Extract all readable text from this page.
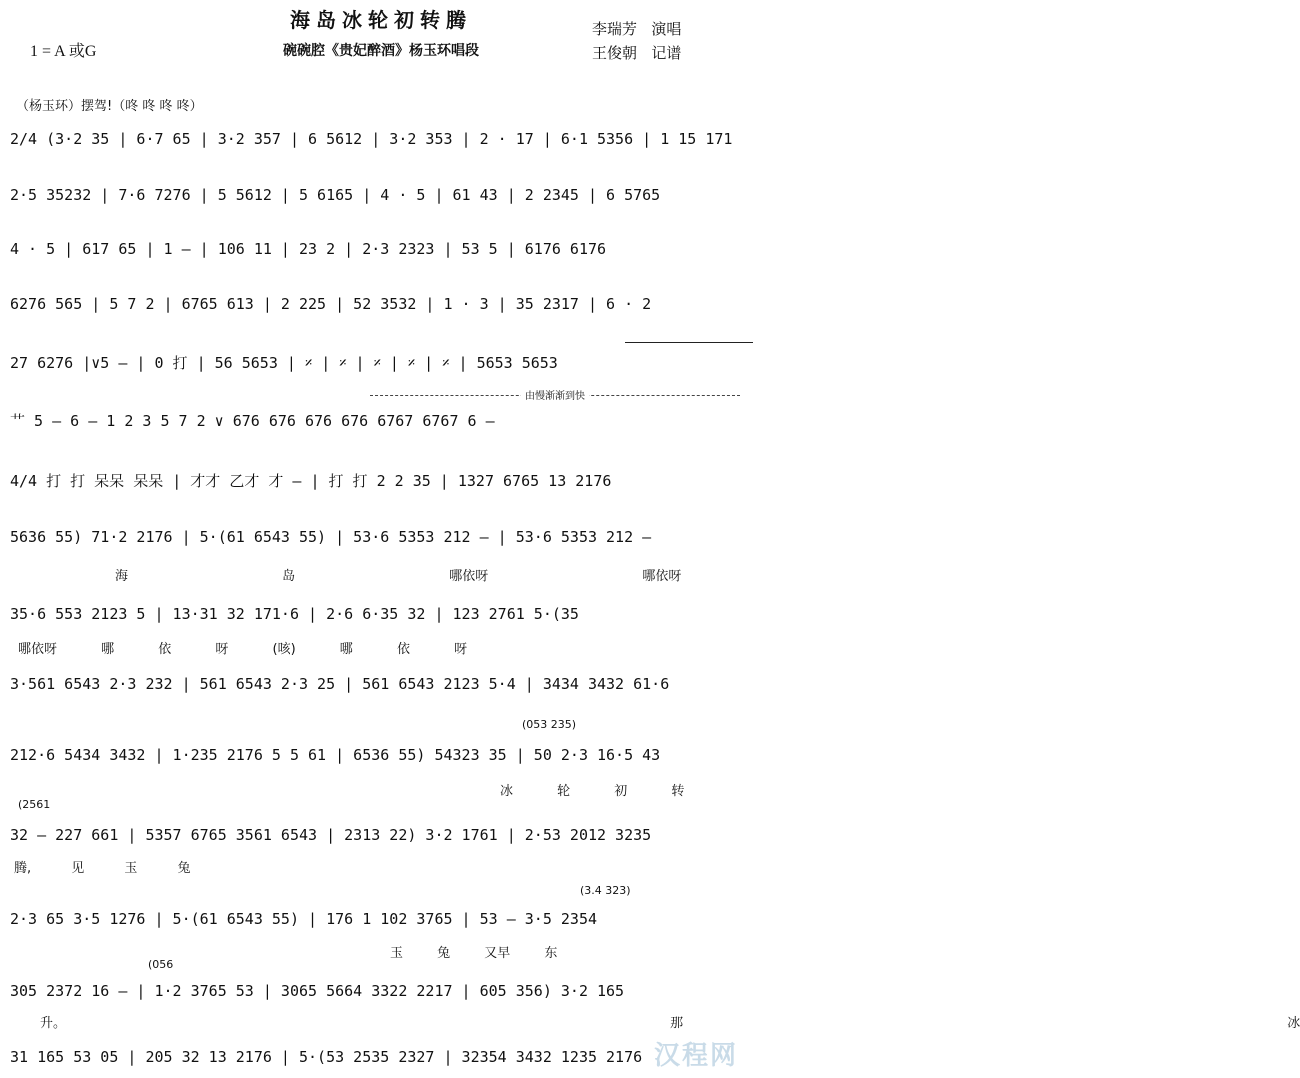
海岛冰轮初转腾
碗碗腔《贵妃醉酒》杨玉环唱段
1 = A 或G
李瑞芳 演唱
王俊朝 记谱
（杨玉环）摆驾!（咚 咚 咚 咚）
2/4 (3·2 35 | 6·7 65 | 3·2 357 | 6 5612 | 3·2 353 | 2 · 17 | 6·1 5356 | 1 15 171
2·5 35232 | 7·6 7276 | 5 5612 | 5 6165 | 4 · 5 | 61 43 | 2 2345 | 6 5765
4 · 5 | 617 65 | 1 — | 106 11 | 23 2 | 2·3 2323 | 53 5 | 6176 6176
6276 565 | 5 7 2 | 6765 613 | 2 225 | 52 3532 | 1 · 3 | 35 2317 | 6 · 2
27 6276 |∨5 — | 0 打 | 56 5653 | 𝄎 | 𝄎 | 𝄎 | 𝄎 | 𝄎 | 5653 5653
由慢渐渐到快
艹 5 — 6 — 1 2 3 5 7 2 ∨ 676 676 676 676 6767 6767 6 —
4/4 打 打 呆呆 呆呆 | 才才 乙才 才 — | 打 打 2 2 35 | 1327 6765 13 2176
5636 55) 71·2 2176 | 5·(61 6543 55) | 53·6 5353 212 — | 53·6 5353 212 —
海 岛 哪依呀 哪依呀
35·6 553 2123 5 | 13·31 32 171·6 | 2·6 6·35 32 | 123 2761 5·(35
哪依呀 哪 依 呀 (咳) 哪 依 呀
3·561 6543 2·3 232 | 561 6543 2·3 25 | 561 6543 2123 5·4 | 3434 3432 61·6
(053 235)
212·6 5434 3432 | 1·235 2176 5 5 61 | 6536 55) 54323 35 | 50 2·3 16·5 43
冰 轮 初 转
(2561
32 — 227 661 | 5357 6765 3561 6543 | 2313 22) 3·2 1761 | 2·53 2012 3235
腾, 见 玉 兔
(3.4 323)
2·3 65 3·5 1276 | 5·(61 6543 55) | 176 1 102 3765 | 53 — 3·5 2354
玉 兔 又早 东
(056
305 2372 16 — | 1·2 3765 53 | 3065 5664 3322 2217 | 605 356) 3·2 165
升。 那 冰
31 165 53 05 | 205 32 13 2176 | 5·(53 2535 2327 | 32354 3432 1235 2176 汉程网
